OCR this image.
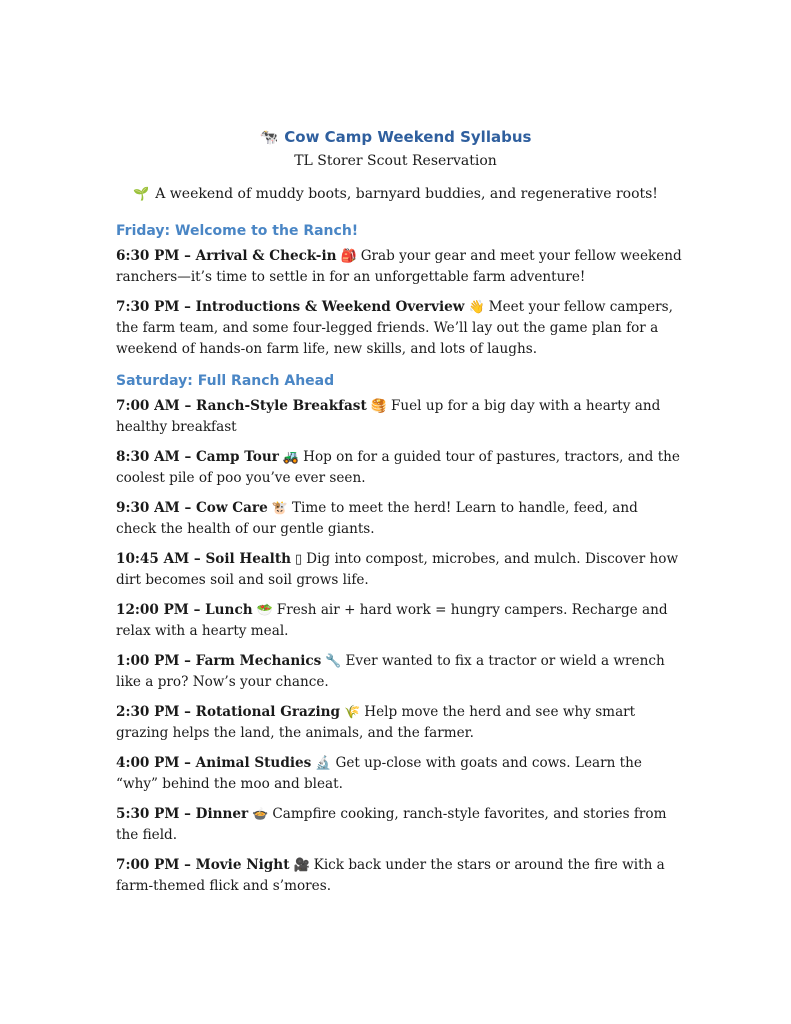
🐄 Cow Camp Weekend Syllabus
TL Storer Scout Reservation
🌱 A weekend of muddy boots, barnyard buddies, and regenerative roots!
Friday: Welcome to the Ranch!

6:30 PM – Arrival & Check-in 🎒 Grab your gear and meet your fellow weekend ranchers—it’s time to settle in for an unforgettable farm adventure!

7:30 PM – Introductions & Weekend Overview 👋 Meet your fellow campers, the farm team, and some four-legged friends. We’ll lay out the game plan for a weekend of hands-on farm life, new skills, and lots of laughs.

Saturday: Full Ranch Ahead

7:00 AM – Ranch-Style Breakfast 🥞 Fuel up for a big day with a hearty and healthy breakfast

8:30 AM – Camp Tour 🚜 Hop on for a guided tour of pastures, tractors, and the coolest pile of poo you’ve ever seen.

9:30 AM – Cow Care 🐮 Time to meet the herd! Learn to handle, feed, and check the health of our gentle giants.

10:45 AM – Soil Health ▯ Dig into compost, microbes, and mulch. Discover how dirt becomes soil and soil grows life.

12:00 PM – Lunch 🥗 Fresh air + hard work = hungry campers. Recharge and relax with a hearty meal.

1:00 PM – Farm Mechanics 🔧 Ever wanted to fix a tractor or wield a wrench like a pro? Now’s your chance.

2:30 PM – Rotational Grazing 🌾 Help move the herd and see why smart grazing helps the land, the animals, and the farmer.

4:00 PM – Animal Studies 🔬 Get up-close with goats and cows. Learn the “why” behind the moo and bleat.

5:30 PM – Dinner 🍲 Campfire cooking, ranch-style favorites, and stories from the field.

7:00 PM – Movie Night 🎥 Kick back under the stars or around the fire with a farm-themed flick and s’mores.
